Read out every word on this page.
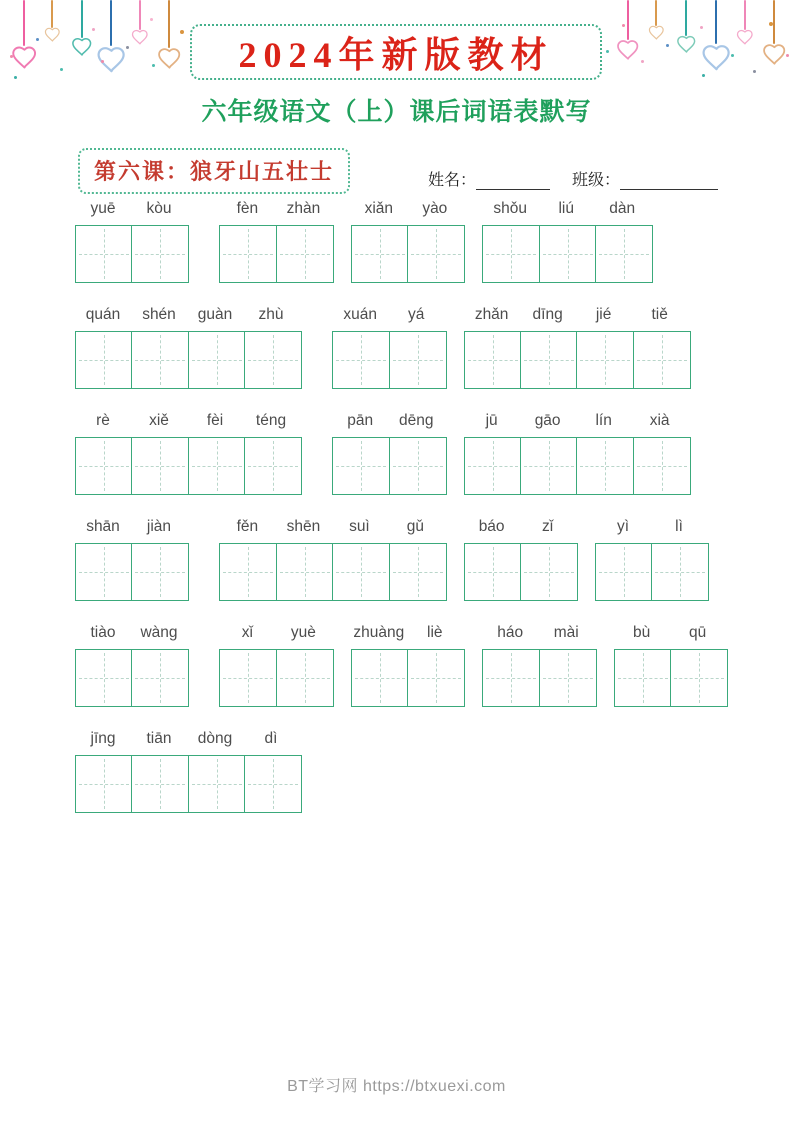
2024年新版教材
六年级语文（上）课后词语表默写
第六课：狼牙山五壮士	姓名：	班级：
yuē	kòu	fèn	zhàn	xiǎn	yào	shǒu	liú	dàn
quán	shén	guàn	zhù	xuán	yá	zhǎn	dīng	jié	tiě
rè	xiě	fèi	téng	pān	dēng	jū	gāo	lín	xià
shān	jiàn	fěn	shēn	suì	gǔ	báo	zǐ	yì	lì
tiào	wàng	xǐ	yuè	zhuàng	liè	háo	mài	bù	qū
jīng	tiān	dòng	dì
BT学习网 https://btxuexi.com
